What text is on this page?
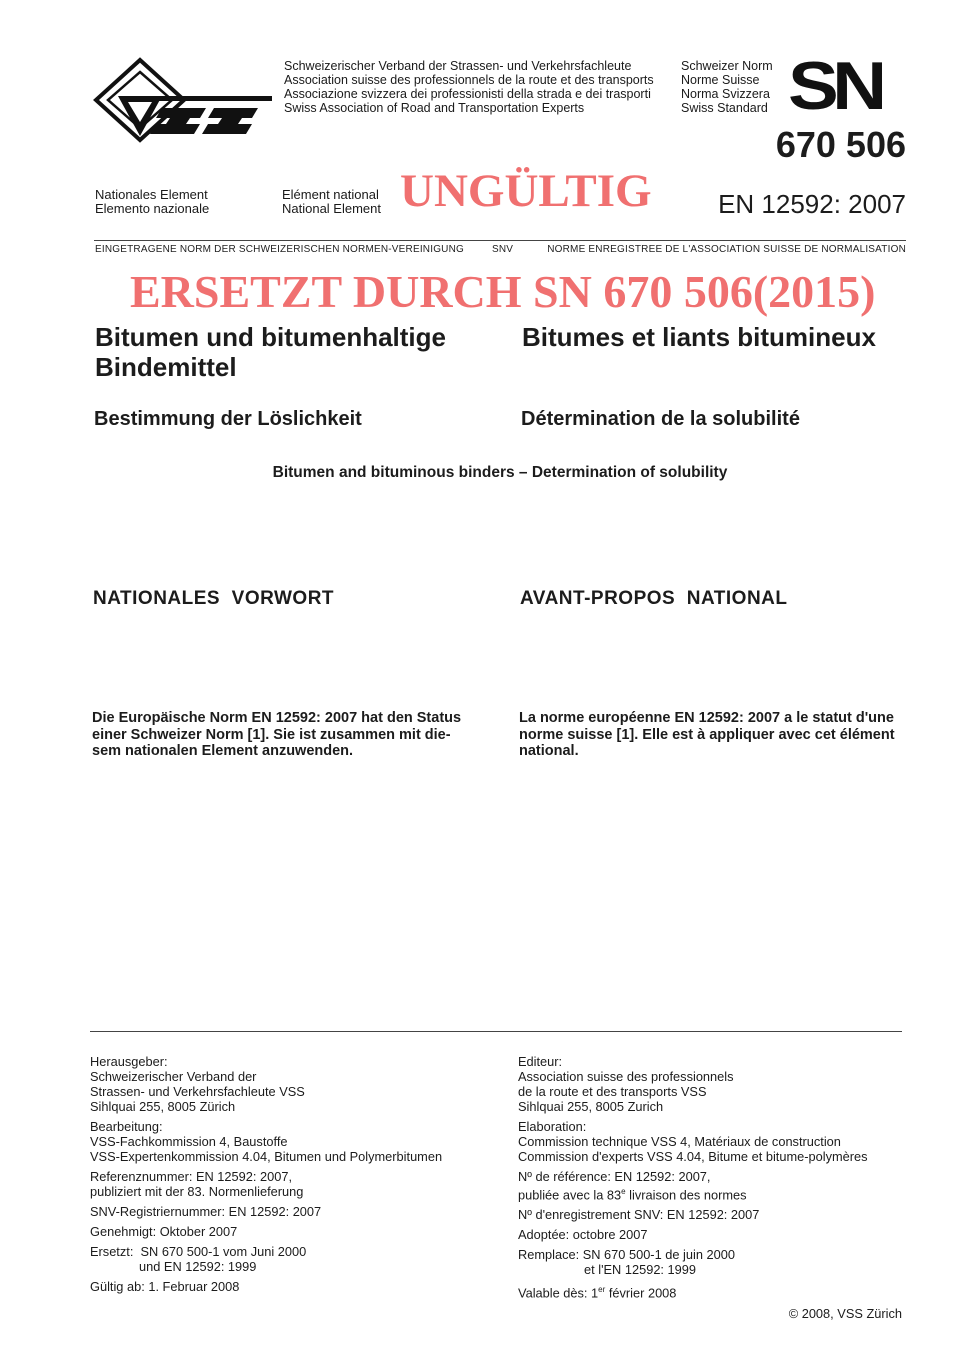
Schweizerischer Verband der Strassen- und Verkehrsfachleute
Association suisse des professionnels de la route et des transports
Associazione svizzera dei professionisti della strada e dei trasporti
Swiss Association of Road and Transportation Experts
Schweizer Norm
Norme Suisse
Norma Svizzera
Swiss Standard SN
670 506
Nationales Element
Elemento nazionale
Elément national
National Element UNGÜLTIG	EN 12592: 2007
EINGETRAGENE NORM DER SCHWEIZERISCHEN NORMEN-VEREINIGUNG	SNV	NORME ENREGISTREE DE L'ASSOCIATION SUISSE DE NORMALISATION
ERSETZT DURCH SN 670 506(2015)
Bitumen und bitumenhaltige
Bindemittel
Bitumes et liants bitumineux
Bestimmung der Löslichkeit	Détermination de la solubilité
Bitumen and bituminous binders – Determination of solubility
NATIONALES  VORWORT	AVANT-PROPOS  NATIONAL
Die Europäische Norm EN 12592: 2007 hat den Status
einer Schweizer Norm [1]. Sie ist zusammen mit die-
sem nationalen Element anzuwenden.
La norme européenne EN 12592: 2007 a le statut d'une
norme suisse [1]. Elle est à appliquer avec cet élément
national.
Herausgeber:
Schweizerischer Verband der
Strassen- und Verkehrsfachleute VSS
Sihlquai 255, 8005 Zürich
Bearbeitung:
VSS-Fachkommission 4, Baustoffe
VSS-Expertenkommission 4.04, Bitumen und Polymerbitumen
Referenznummer: EN 12592: 2007,
publiziert mit der 83. Normenlieferung
SNV-Registriernummer: EN 12592: 2007
Genehmigt: Oktober 2007
Ersetzt:  SN 670 500-1 vom Juni 2000
und EN 12592: 1999
Gültig ab: 1. Februar 2008
Editeur:
Association suisse des professionnels
de la route et des transports VSS
Sihlquai 255, 8005 Zurich
Elaboration:
Commission technique VSS 4, Matériaux de construction
Commission d'experts VSS 4.04, Bitume et bitume-polymères
Nº de référence: EN 12592: 2007,
publiée avec la 83e livraison des normes
Nº d'enregistrement SNV: EN 12592: 2007
Adoptée: octobre 2007
Remplace: SN 670 500-1 de juin 2000
et l'EN 12592: 1999
Valable dès: 1er février 2008
© 2008, VSS Zürich
